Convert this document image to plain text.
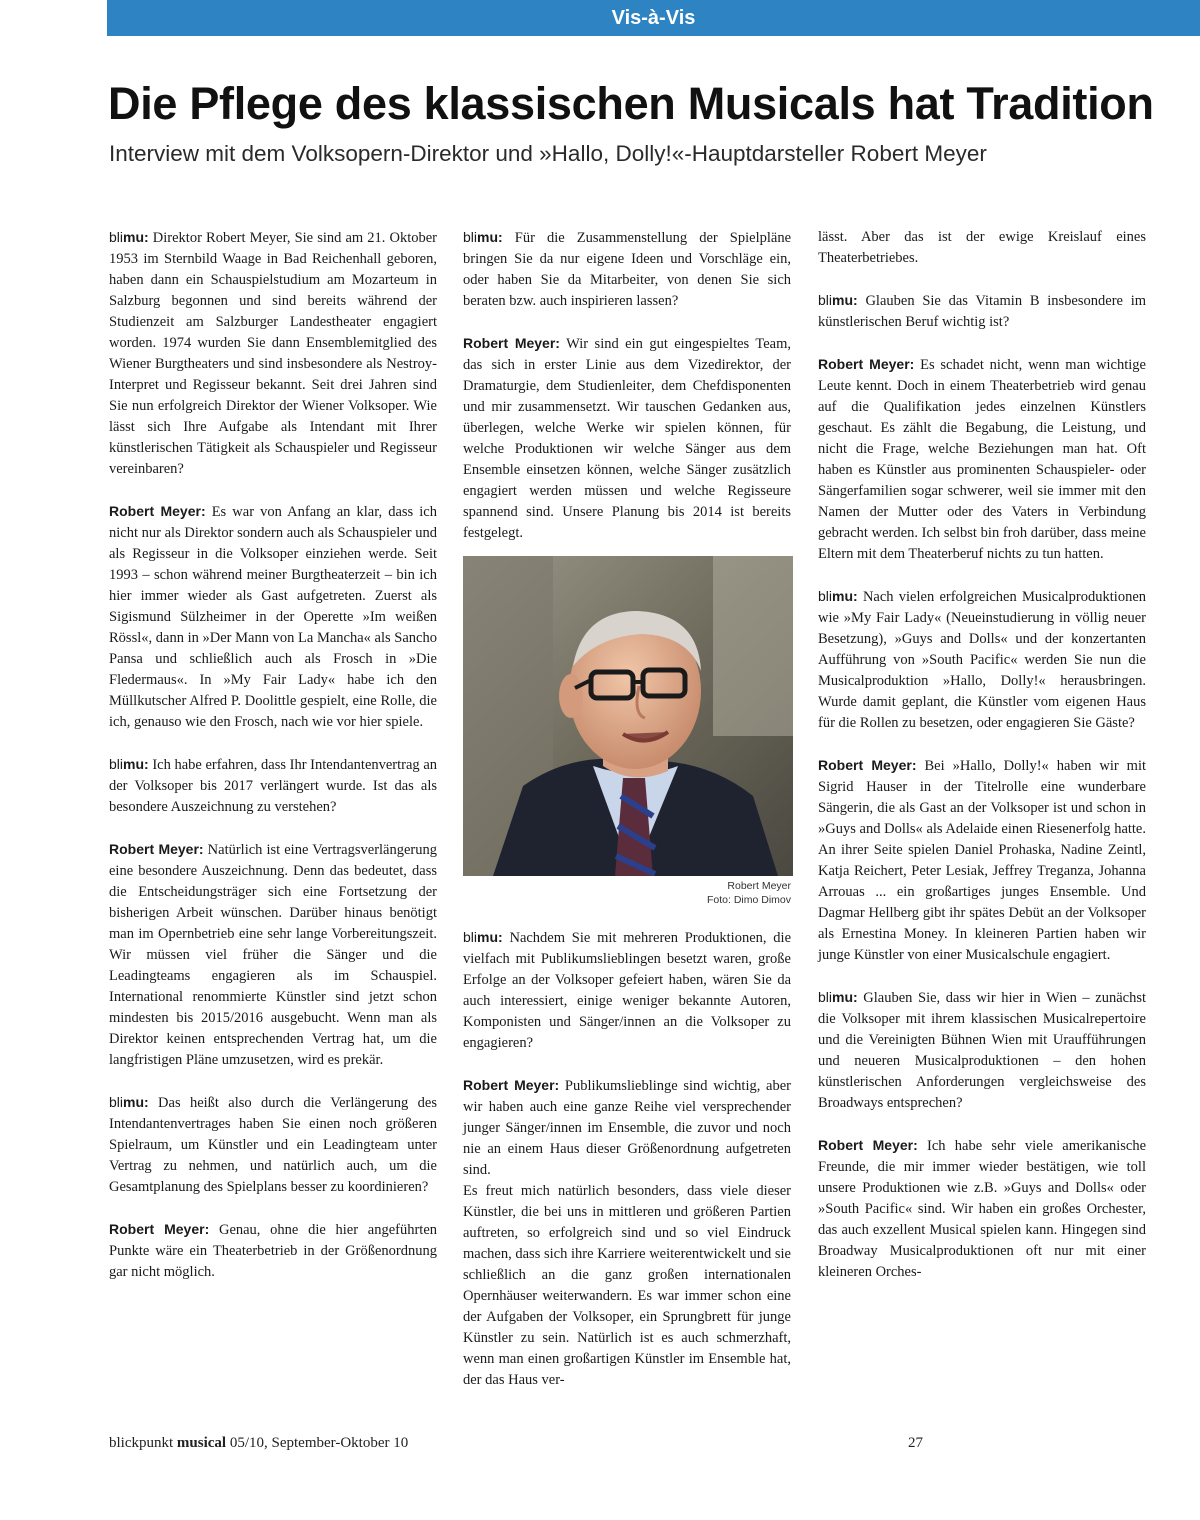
Vis-à-Vis
Die Pflege des klassischen Musicals hat Tradition
Interview mit dem Volksopern-Direktor und »Hallo, Dolly!«-Hauptdarsteller Robert Meyer

blimu: Direktor Robert Meyer, Sie sind am 21. Oktober 1953 im Sternbild Waage in Bad Reichenhall geboren, haben dann ein Schauspielstudium am Mozarteum in Salzburg begonnen und sind bereits während der Studienzeit am Salzburger Landestheater engagiert worden. 1974 wurden Sie dann Ensemblemitglied des Wiener Burgtheaters und sind insbesondere als Nestroy-Interpret und Regisseur bekannt. Seit drei Jahren sind Sie nun erfolgreich Direktor der Wiener Volksoper. Wie lässt sich Ihre Aufgabe als Intendant mit Ihrer künstlerischen Tätigkeit als Schauspieler und Regisseur vereinbaren?

Robert Meyer: Es war von Anfang an klar, dass ich nicht nur als Direktor sondern auch als Schauspieler und als Regisseur in die Volksoper einziehen werde. Seit 1993 – schon während meiner Burgtheaterzeit – bin ich hier immer wieder als Gast aufgetreten. Zuerst als Sigismund Sülzheimer in der Operette »Im weißen Rössl«, dann in »Der Mann von La Mancha« als Sancho Pansa und schließlich auch als Frosch in »Die Fledermaus«. In »My Fair Lady« habe ich den Müllkutscher Alfred P. Doolittle gespielt, eine Rolle, die ich, genauso wie den Frosch, nach wie vor hier spiele.

blimu: Ich habe erfahren, dass Ihr Intendantenvertrag an der Volksoper bis 2017 verlängert wurde. Ist das als besondere Auszeichnung zu verstehen?

Robert Meyer: Natürlich ist eine Vertragsverlängerung eine besondere Auszeichnung. Denn das bedeutet, dass die Entscheidungsträger sich eine Fortsetzung der bisherigen Arbeit wünschen. Darüber hinaus benötigt man im Opernbetrieb eine sehr lange Vorbereitungszeit. Wir müssen viel früher die Sänger und die Leadingteams engagieren als im Schauspiel. International renommierte Künstler sind jetzt schon mindesten bis 2015/2016 ausgebucht. Wenn man als Direktor keinen entsprechenden Vertrag hat, um die langfristigen Pläne umzusetzen, wird es prekär.

blimu: Das heißt also durch die Verlängerung des Intendantenvertrages haben Sie einen noch größeren Spielraum, um Künstler und ein Leadingteam unter Vertrag zu nehmen, und natürlich auch, um die Gesamtplanung des Spielplans besser zu koordinieren?

Robert Meyer: Genau, ohne die hier angeführten Punkte wäre ein Theaterbetrieb in der Größenordnung gar nicht möglich.

blimu: Für die Zusammenstellung der Spielpläne bringen Sie da nur eigene Ideen und Vorschläge ein, oder haben Sie da Mitarbeiter, von denen Sie sich beraten bzw. auch inspirieren lassen?

Robert Meyer: Wir sind ein gut eingespieltes Team, das sich in erster Linie aus dem Vizedirektor, der Dramaturgie, dem Studienleiter, dem Chefdisponenten und mir zusammensetzt. Wir tauschen Gedanken aus, überlegen, welche Werke wir spielen können, für welche Produktionen wir welche Sänger aus dem Ensemble einsetzen können, welche Sänger zusätzlich engagiert werden müssen und welche Regisseure spannend sind. Unsere Planung bis 2014 ist bereits festgelegt.

Robert Meyer
Foto: Dimo Dimov

blimu: Nachdem Sie mit mehreren Produktionen, die vielfach mit Publikumslieblingen besetzt waren, große Erfolge an der Volksoper gefeiert haben, wären Sie da auch interessiert, einige weniger bekannte Autoren, Komponisten und Sänger/innen an die Volksoper zu engagieren?

Robert Meyer: Publikumslieblinge sind wichtig, aber wir haben auch eine ganze Reihe viel versprechender junger Sänger/innen im Ensemble, die zuvor und noch nie an einem Haus dieser Größenordnung aufgetreten sind.

Es freut mich natürlich besonders, dass viele dieser Künstler, die bei uns in mittleren und größeren Partien auftreten, so erfolgreich sind und so viel Eindruck machen, dass sich ihre Karriere weiterentwickelt und sie schließlich an die ganz großen internationalen Opernhäuser weiterwandern. Es war immer schon eine der Aufgaben der Volksoper, ein Sprungbrett für junge Künstler zu sein. Natürlich ist es auch schmerzhaft, wenn man einen großartigen Künstler im Ensemble hat, der das Haus ver-

lässt. Aber das ist der ewige Kreislauf eines Theaterbetriebes.

blimu: Glauben Sie das Vitamin B insbesondere im künstlerischen Beruf wichtig ist?

Robert Meyer: Es schadet nicht, wenn man wichtige Leute kennt. Doch in einem Theaterbetrieb wird genau auf die Qualifikation jedes einzelnen Künstlers geschaut. Es zählt die Begabung, die Leistung, und nicht die Frage, welche Beziehungen man hat. Oft haben es Künstler aus prominenten Schauspieler- oder Sängerfamilien sogar schwerer, weil sie immer mit den Namen der Mutter oder des Vaters in Verbindung gebracht werden. Ich selbst bin froh darüber, dass meine Eltern mit dem Theaterberuf nichts zu tun hatten.

blimu: Nach vielen erfolgreichen Musicalproduktionen wie »My Fair Lady« (Neueinstudierung in völlig neuer Besetzung), »Guys and Dolls« und der konzertanten Aufführung von »South Pacific« werden Sie nun die Musicalproduktion »Hallo, Dolly!« herausbringen. Wurde damit geplant, die Künstler vom eigenen Haus für die Rollen zu besetzen, oder engagieren Sie Gäste?

Robert Meyer: Bei »Hallo, Dolly!« haben wir mit Sigrid Hauser in der Titelrolle eine wunderbare Sängerin, die als Gast an der Volksoper ist und schon in »Guys and Dolls« als Adelaide einen Riesenerfolg hatte. An ihrer Seite spielen Daniel Prohaska, Nadine Zeintl, Katja Reichert, Peter Lesiak, Jeffrey Treganza, Johanna Arrouas ... ein großartiges junges Ensemble. Und Dagmar Hellberg gibt ihr spätes Debüt an der Volksoper als Ernestina Money. In kleineren Partien haben wir junge Künstler von einer Musicalschule engagiert.

blimu: Glauben Sie, dass wir hier in Wien – zunächst die Volksoper mit ihrem klassischen Musicalrepertoire und die Vereinigten Bühnen Wien mit Uraufführungen und neueren Musicalproduktionen – den hohen künstlerischen Anforderungen vergleichsweise des Broadways entsprechen?

Robert Meyer: Ich habe sehr viele amerikanische Freunde, die mir immer wieder bestätigen, wie toll unsere Produktionen wie z.B. »Guys and Dolls« oder »South Pacific« sind. Wir haben ein großes Orchester, das auch exzellent Musical spielen kann. Hingegen sind Broadway Musicalproduktionen oft nur mit einer kleineren Orches-

blickpunkt musical 05/10, September-Oktober 10	27
